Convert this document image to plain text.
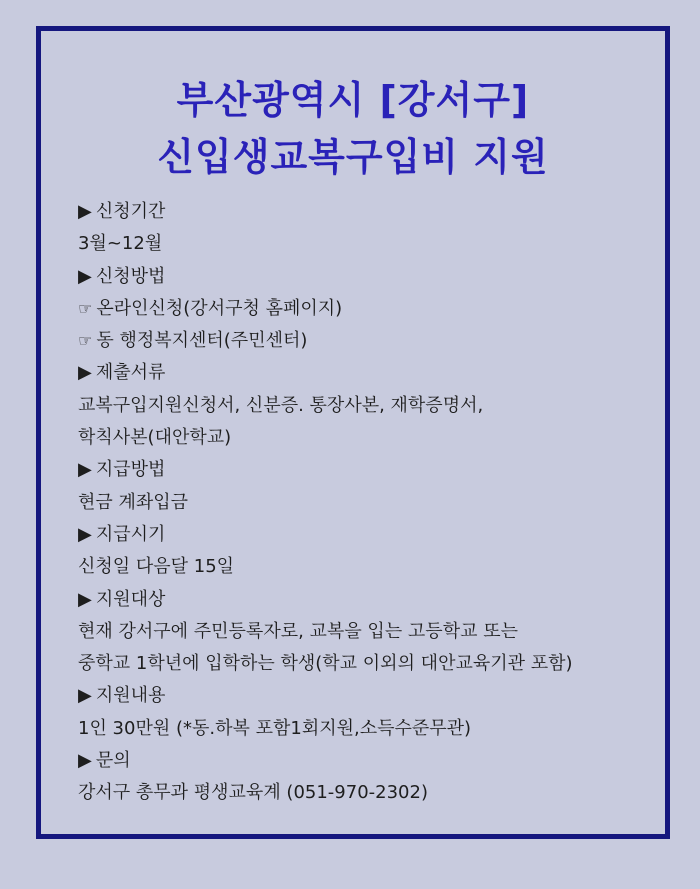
부산광역시 [강서구]
신입생교복구입비 지원
▶ 신청기간
3월~12월
▶ 신청방법
☞ 온라인신청(강서구청 홈페이지)
☞ 동 행정복지센터(주민센터)
▶ 제출서류
교복구입지원신청서, 신분증. 통장사본, 재학증명서,
학칙사본(대안학교)
▶ 지급방법
현금 계좌입금
▶ 지급시기
신청일 다음달 15일
▶ 지원대상
현재 강서구에 주민등록자로, 교복을 입는 고등학교 또는
중학교 1학년에 입학하는 학생(학교 이외의 대안교육기관 포함)
▶ 지원내용
1인 30만원 (*동.하복 포함1회지원,소득수준무관)
▶ 문의
강서구 총무과 평생교육계 (051-970-2302)
